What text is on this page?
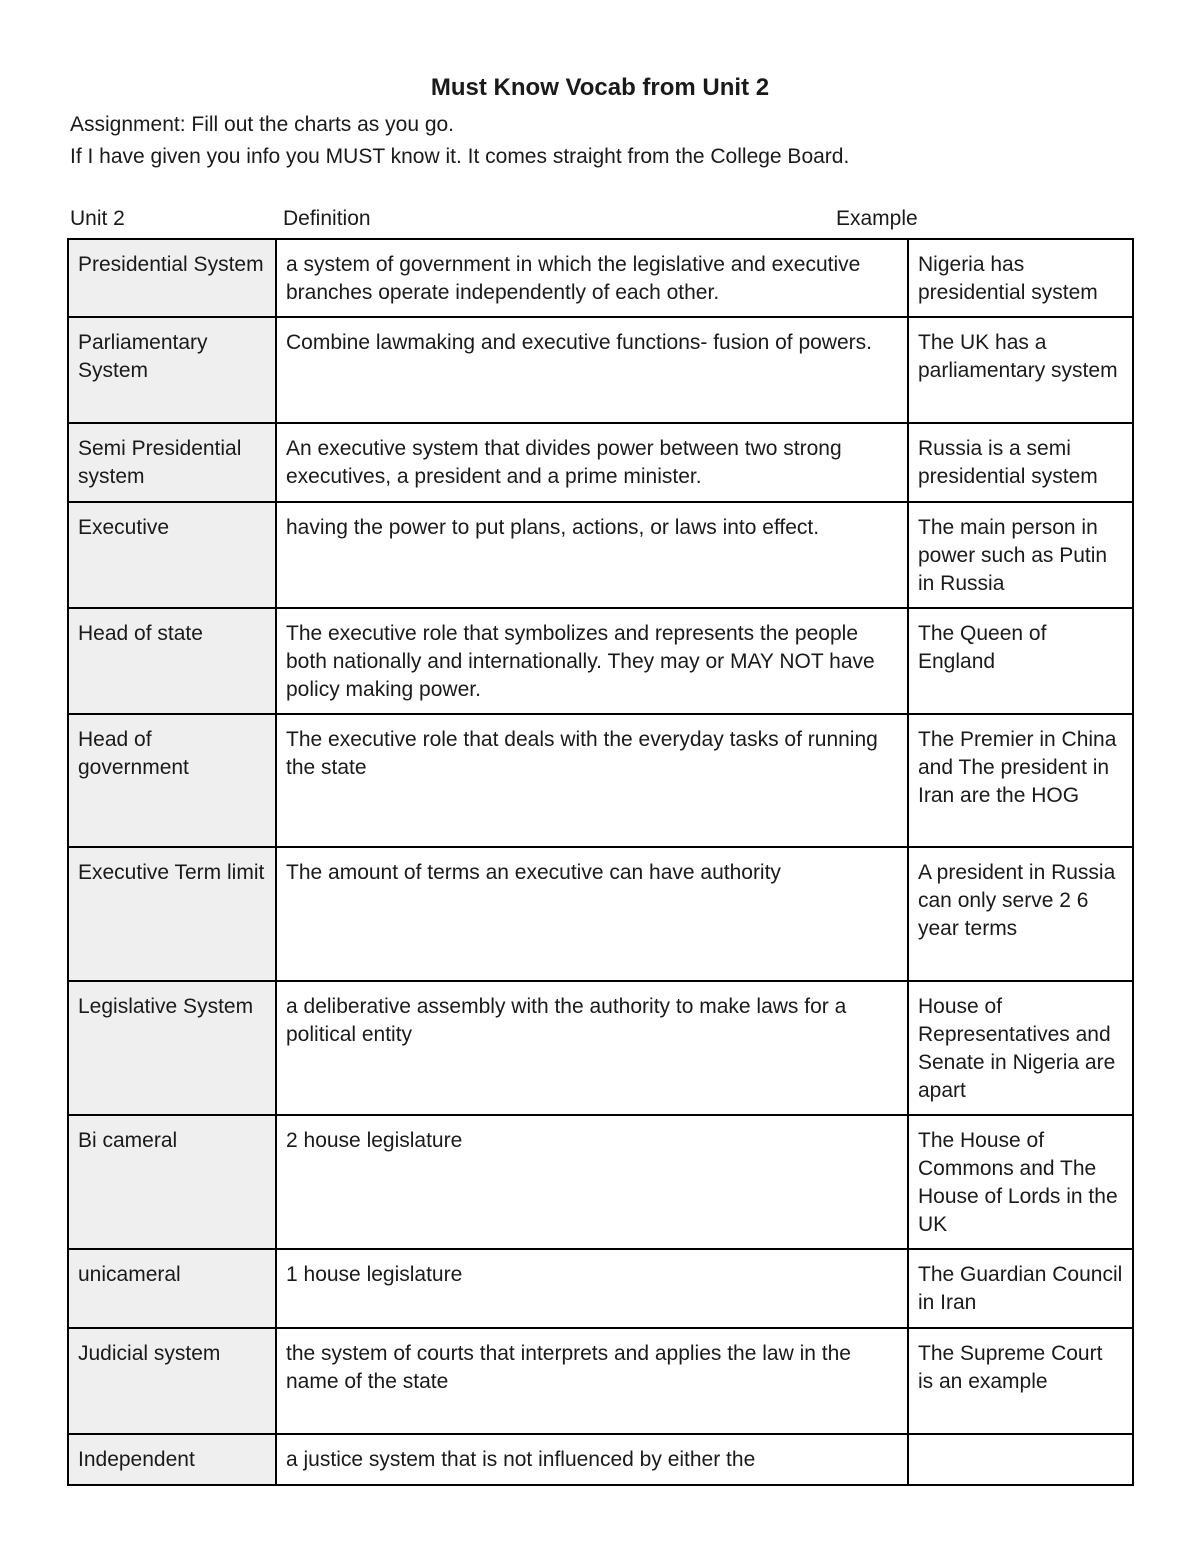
Must Know Vocab from Unit 2

Assignment: Fill out the charts as you go.

If I have given you info you MUST know it. It comes straight from the College Board.

Unit 2	Definition	Example
Presidential System	a system of government in which the legislative and executive branches operate independently of each other.	Nigeria has presidential system
Parliamentary System	Combine lawmaking and executive functions- fusion of powers.	The UK has a parliamentary system
Semi Presidential system	An executive system that divides power between two strong executives, a president and a prime minister.	Russia is a semi presidential system
Executive	having the power to put plans, actions, or laws into effect.	The main person in power such as Putin in Russia
Head of state	The executive role that symbolizes and represents the people both nationally and internationally. They may or MAY NOT have policy making power.	The Queen of England
Head of government	The executive role that deals with the everyday tasks of running the state	The Premier in China and The president in Iran are the HOG
Executive Term limit	The amount of terms an executive can have authority	A president in Russia can only serve 2 6 year terms
Legislative System	a deliberative assembly with the authority to make laws for a political entity	House of Representatives and Senate in Nigeria are apart
Bi cameral	2 house legislature	The House of Commons and The House of Lords in the UK
unicameral	1 house legislature	The Guardian Council in Iran
Judicial system	the system of courts that interprets and applies the law in the name of the state	The Supreme Court is an example
Independent	a justice system that is not influenced by either the	
